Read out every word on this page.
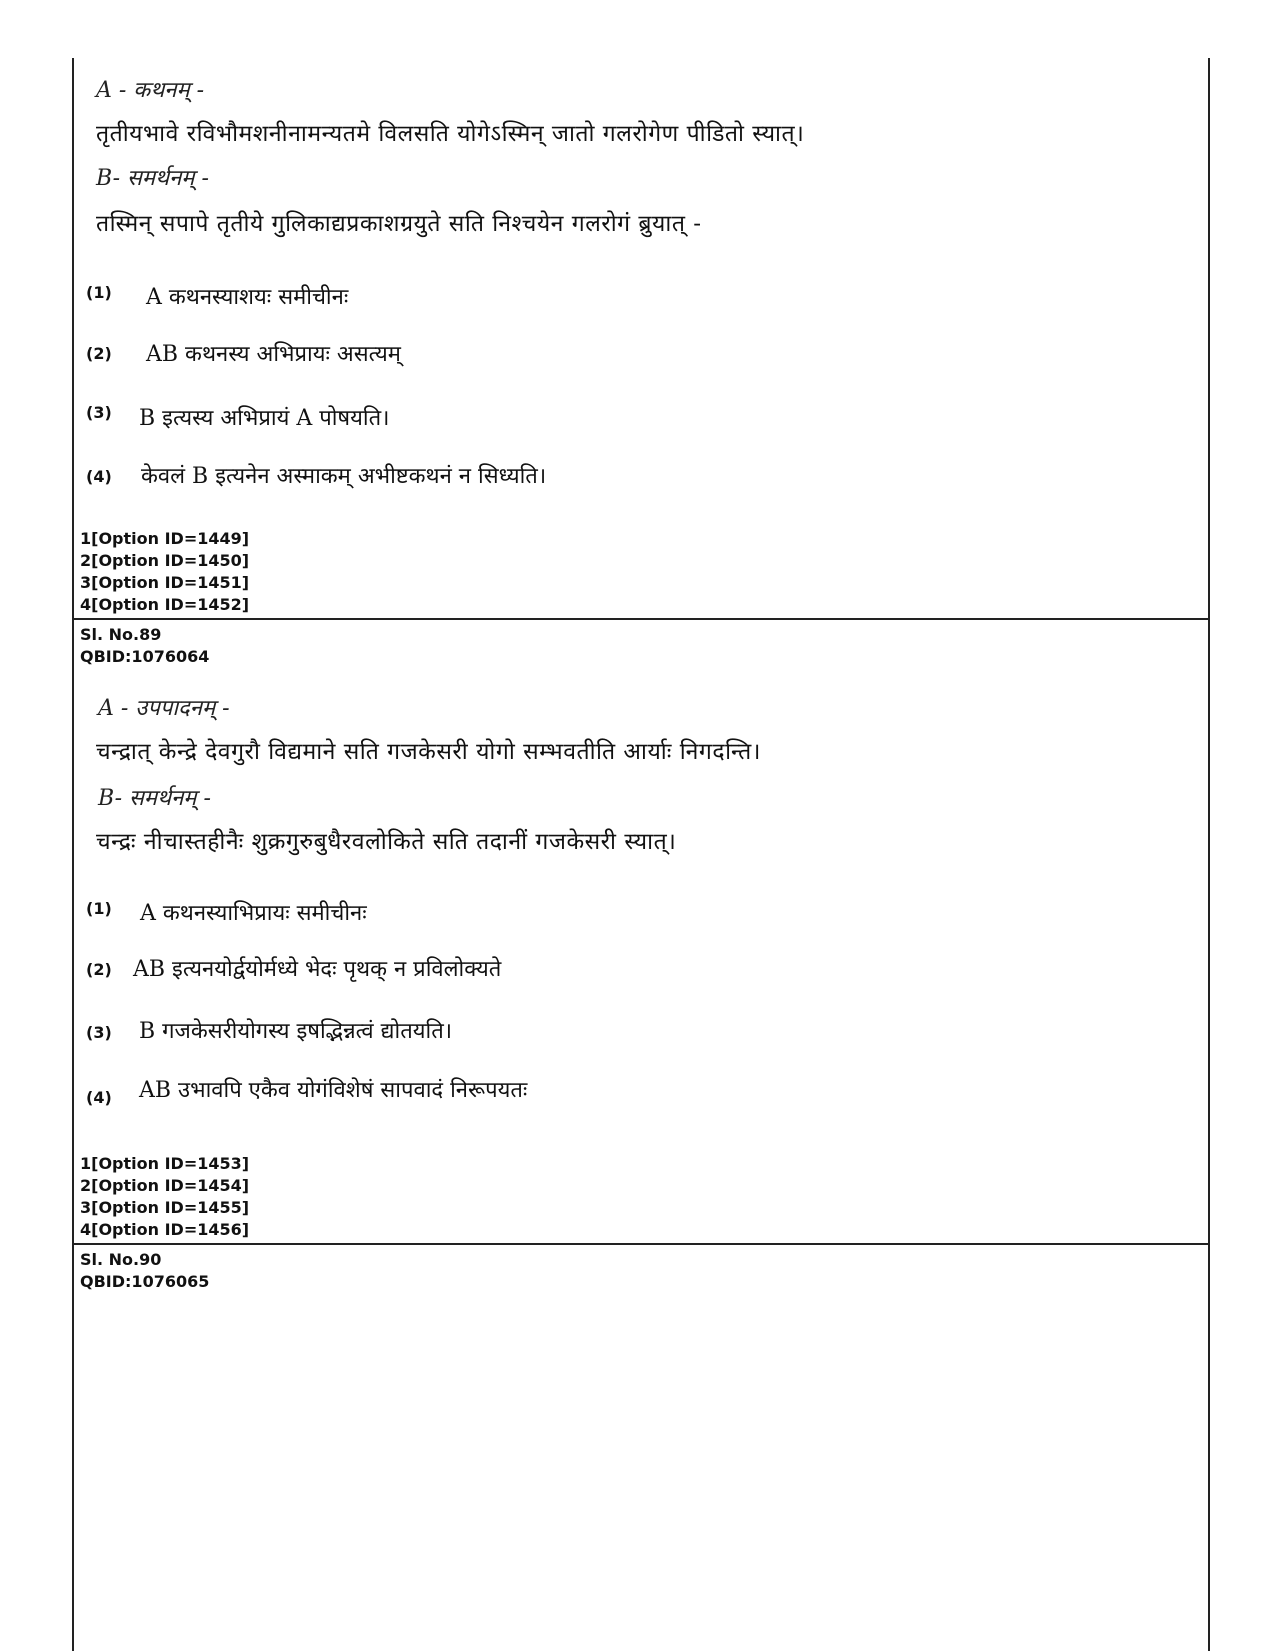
A - कथनम् -
तृतीयभावे रविभौमशनीनामन्यतमे विलसति योगेऽस्मिन् जातो गलरोगेण पीडितो स्यात्।
B- समर्थनम् -
तस्मिन् सपापे तृतीये गुलिकाद्यप्रकाशग्रयुते सति निश्चयेन गलरोगं ब्रुयात् -
(1) A कथनस्याशयः समीचीनः
(2) AB कथनस्य अभिप्रायः असत्यम्
(3) B इत्यस्य अभिप्रायं A पोषयति।
(4) केवलं B इत्यनेन अस्माकम् अभीष्टकथनं न सिध्यति।
1[Option ID=1449]
2[Option ID=1450]
3[Option ID=1451]
4[Option ID=1452]
Sl. No.89
QBID:1076064
A - उपपादनम् -
चन्द्रात् केन्द्रे देवगुरौ विद्यमाने सति गजकेसरी योगो सम्भवतीति आर्याः निगदन्ति।
B- समर्थनम् -
चन्द्रः नीचास्तहीनैः शुक्रगुरुबुधैरवलोकिते सति तदानीं गजकेसरी स्यात्।
(1) A कथनस्याभिप्रायः समीचीनः
(2) AB इत्यनयोर्द्वयोर्मध्ये भेदः पृथक् न प्रविलोक्यते
(3) B गजकेसरीयोगस्य इषद्भिन्नत्वं द्योतयति।
(4) AB उभावपि एकैव योगंविशेषं सापवादं निरूपयतः
1[Option ID=1453]
2[Option ID=1454]
3[Option ID=1455]
4[Option ID=1456]
Sl. No.90
QBID:1076065
